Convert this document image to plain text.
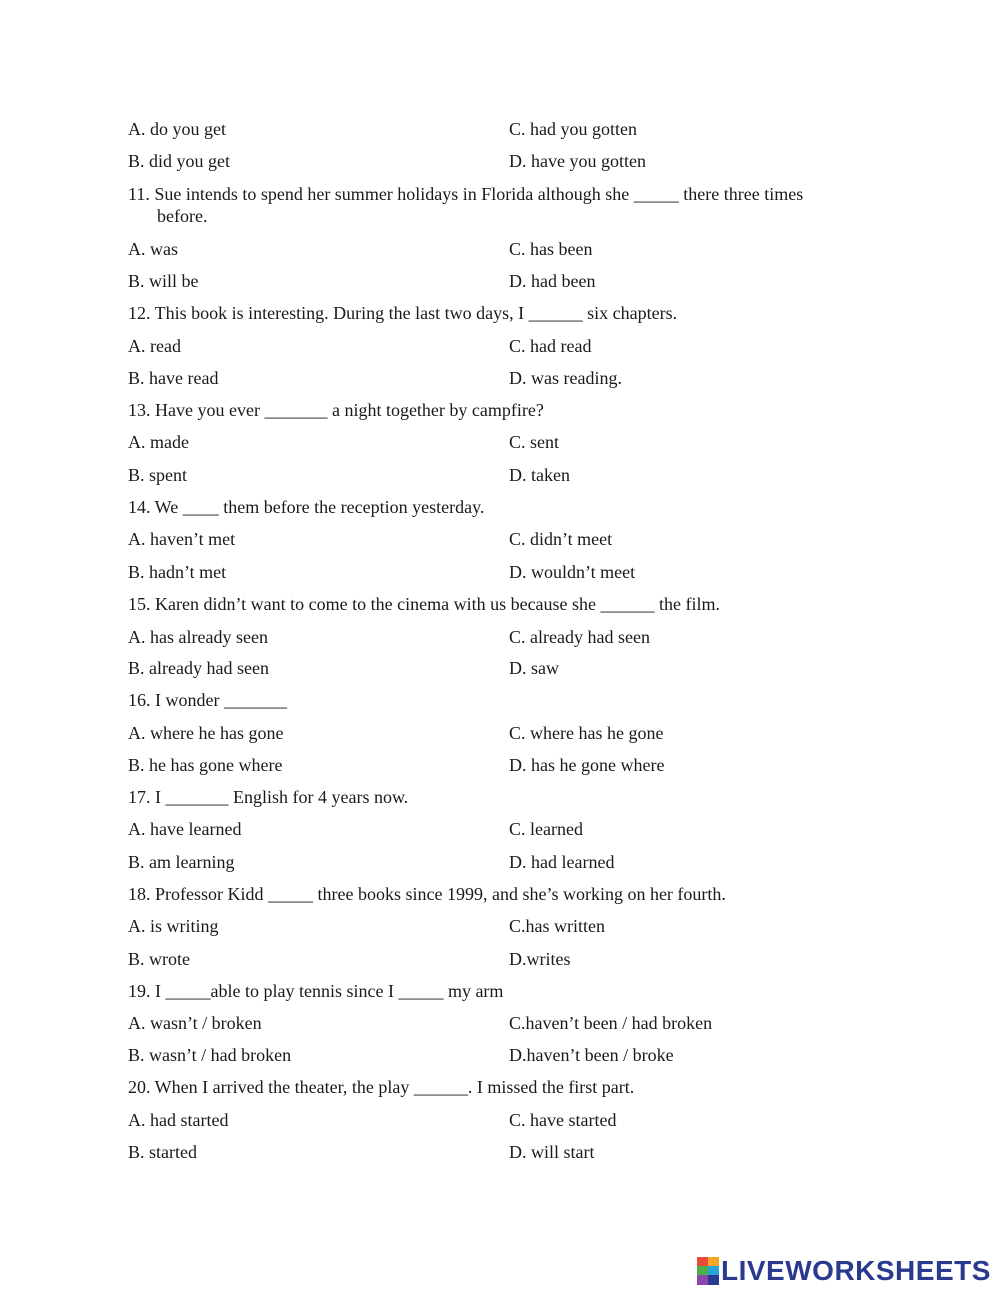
A. do you get	C. had you gotten
B. did you get	D. have you gotten
11. Sue intends to spend her summer holidays in Florida although she _____ there three times
before.
A. was	C. has been
B. will be	D. had been
12. This book is interesting. During the last two days, I ______ six chapters.
A. read	C. had read
B. have read	D. was reading.
13. Have you ever _______ a night together by campfire?
A. made	C. sent
B. spent	D. taken
14. We ____ them before the reception yesterday.
A. haven’t met	C. didn’t meet
B. hadn’t met	D. wouldn’t meet
15. Karen didn’t want to come to the cinema with us because she ______ the film.
A. has already seen	C. already had seen
B. already had seen	D. saw
16. I wonder _______
A. where he has gone	C. where has he gone
B. he has gone where	D. has he gone where
17. I _______ English for 4 years now.
A. have learned	C. learned
B. am learning	D. had learned
18. Professor Kidd _____ three books since 1999, and she’s working on her fourth.
A. is writing	C.has written
B. wrote	D.writes
19. I _____able to play tennis since I _____ my arm
A. wasn’t / broken	C.haven’t been / had broken
B. wasn’t / had broken	D.haven’t been / broke
20. When I arrived the theater, the play ______. I missed the first part.
A. had started	C. have started
B. started	D. will start
LIVEWORKSHEETS
